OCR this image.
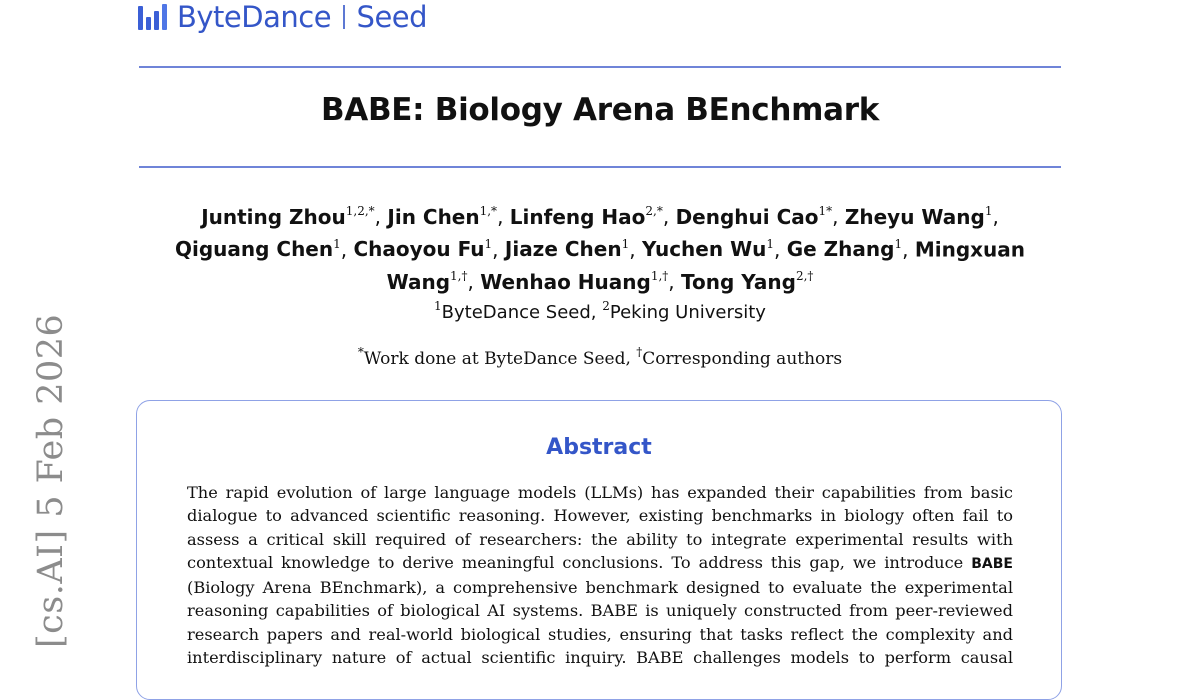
ByteDance Seed
BABE: Biology Arena BEnchmark
Junting Zhou$^{1,2,*}$, Jin Chen$^{1,*}$, Linfeng Hao$^{2,*}$, Denghui Cao$^{1*}$, Zheyu Wang$^1$,
Qiguang Chen$^1$, Chaoyou Fu$^1$, Jiaze Chen$^1$, Yuchen Wu$^1$, Ge Zhang$^1$, Mingxuan
Wang$^{1,\dagger}$, Wenhao Huang$^{1,\dagger}$, Tong Yang$^{2,\dagger}$
$^1$ByteDance Seed, $^2$Peking University
*Work done at ByteDance Seed, †Corresponding authors
[cs.AI] 5 Feb 2026	Abstract
The rapid evolution of large language models (LLMs) has expanded their capabilities from basic
dialogue to advanced scientific reasoning. However, existing benchmarks in biology often fail to
assess a critical skill required of researchers: the ability to integrate experimental results with
contextual knowledge to derive meaningful conclusions. To address this gap, we introduce BABE
(Biology Arena BEnchmark), a comprehensive benchmark designed to evaluate the experimental
reasoning capabilities of biological AI systems. BABE is uniquely constructed from peer-reviewed
research papers and real-world biological studies, ensuring that tasks reflect the complexity and
interdisciplinary nature of actual scientific inquiry. BABE challenges models to perform causal
